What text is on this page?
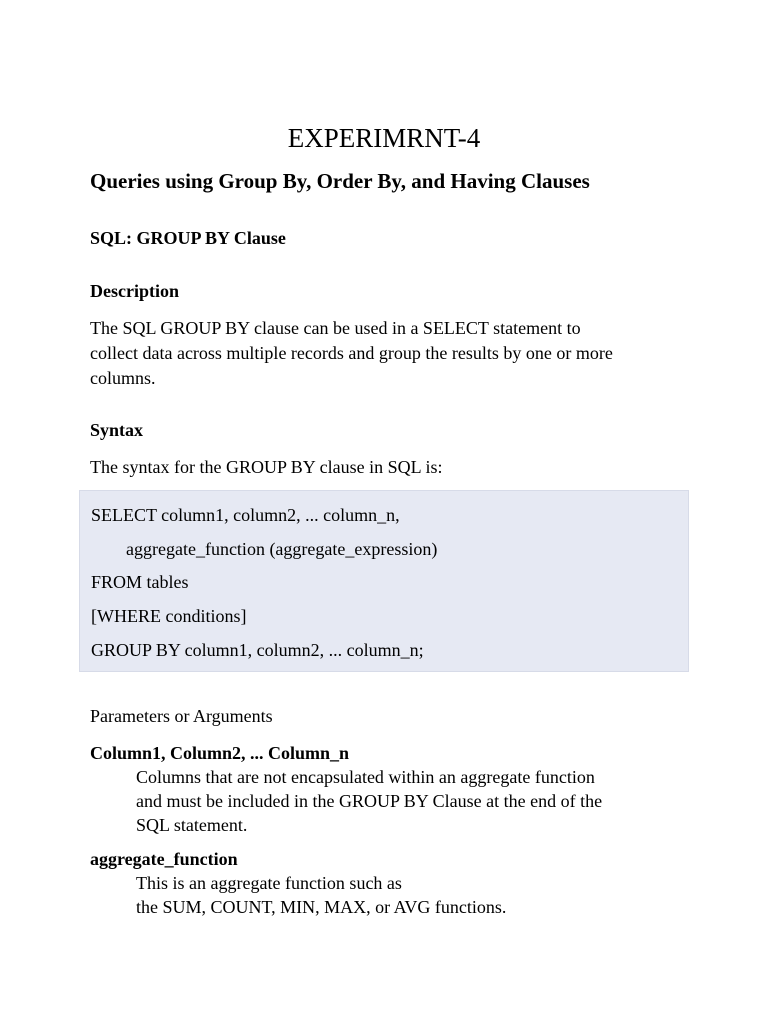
EXPERIMRNT-4
Queries using Group By, Order By, and Having Clauses
SQL: GROUP BY Clause
Description
The SQL GROUP BY clause can be used in a SELECT statement to
collect data across multiple records and group the results by one or more
columns.
Syntax
The syntax for the GROUP BY clause in SQL is:
SELECT column1, column2, ... column_n,
aggregate_function (aggregate_expression)
FROM tables
[WHERE conditions]
GROUP BY column1, column2, ... column_n;
Parameters or Arguments
Column1, Column2, ... Column_n
Columns that are not encapsulated within an aggregate function
and must be included in the GROUP BY Clause at the end of the
SQL statement.
aggregate_function
This is an aggregate function such as
the SUM, COUNT, MIN, MAX, or AVG functions.
